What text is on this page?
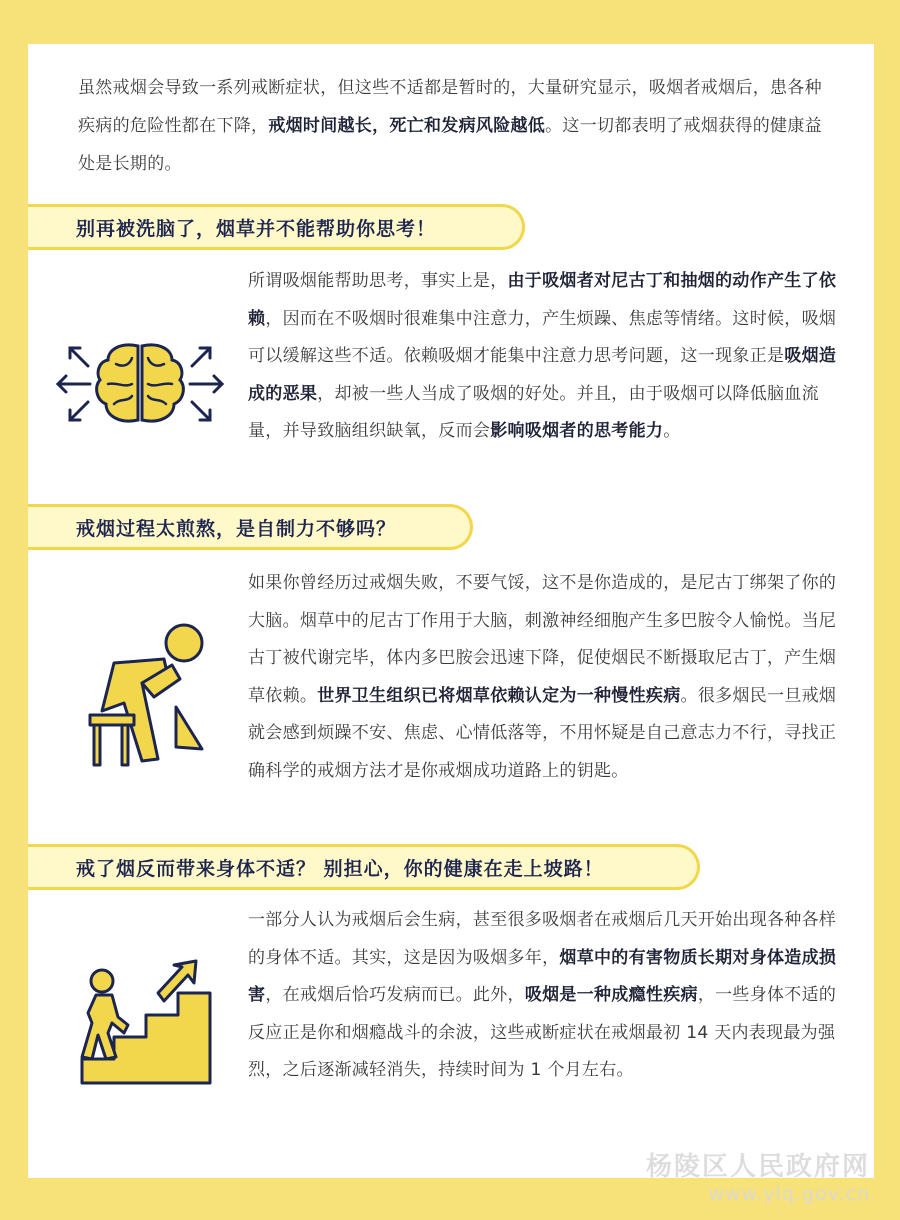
虽然戒烟会导致一系列戒断症状，但这些不适都是暂时的，大量研究显示，吸烟者戒烟后，患各种疾病的危险性都在下降，戒烟时间越长，死亡和发病风险越低。这一切都表明了戒烟获得的健康益处是长期的。
别再被洗脑了，烟草并不能帮助你思考！
所谓吸烟能帮助思考，事实上是，由于吸烟者对尼古丁和抽烟的动作产生了依赖，因而在不吸烟时很难集中注意力，产生烦躁、焦虑等情绪。这时候，吸烟可以缓解这些不适。依赖吸烟才能集中注意力思考问题，这一现象正是吸烟造成的恶果，却被一些人当成了吸烟的好处。并且，由于吸烟可以降低脑血流量，并导致脑组织缺氧，反而会影响吸烟者的思考能力。
戒烟过程太煎熬，是自制力不够吗？
如果你曾经历过戒烟失败，不要气馁，这不是你造成的，是尼古丁绑架了你的大脑。烟草中的尼古丁作用于大脑，刺激神经细胞产生多巴胺令人愉悦。当尼古丁被代谢完毕，体内多巴胺会迅速下降，促使烟民不断摄取尼古丁，产生烟草依赖。世界卫生组织已将烟草依赖认定为一种慢性疾病。很多烟民一旦戒烟就会感到烦躁不安、焦虑、心情低落等，不用怀疑是自己意志力不行，寻找正确科学的戒烟方法才是你戒烟成功道路上的钥匙。
戒了烟反而带来身体不适？ 别担心，你的健康在走上坡路！
一部分人认为戒烟后会生病，甚至很多吸烟者在戒烟后几天开始出现各种各样的身体不适。其实，这是因为吸烟多年，烟草中的有害物质长期对身体造成损害，在戒烟后恰巧发病而已。此外，吸烟是一种成瘾性疾病，一些身体不适的反应正是你和烟瘾战斗的余波，这些戒断症状在戒烟最初 14 天内表现最为强烈，之后逐渐减轻消失，持续时间为 1 个月左右。
杨陵区人民政府网
www.ylq.gov.cn
